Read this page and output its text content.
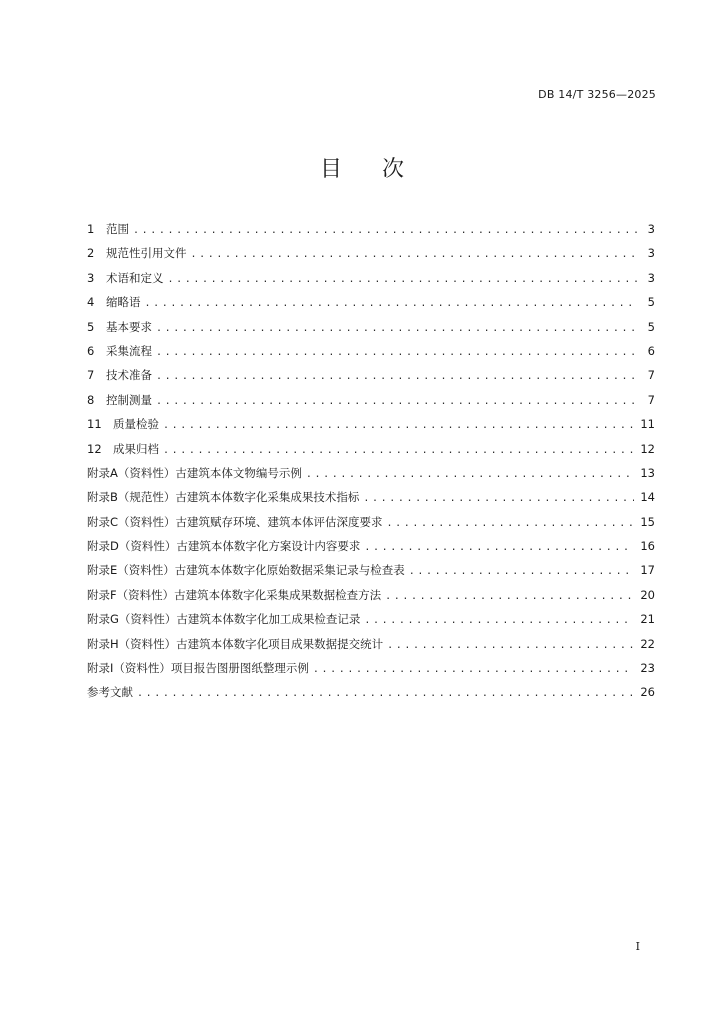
DB 14/T 3256—2025
目次
1	范围 .....	3
2	规范性引用文件 .....	3
3	术语和定义 .....	3
4	缩略语 .....	5
5	基本要求 .....	5
6	采集流程 .....	6
7	技术准备 .....	7
8	控制测量 .....	7
11 质量检验 .....	11
12 成果归档 .....	12
附录A（资料性）古建筑本体文物编号示例 .....	13
附录B（规范性）古建筑本体数字化采集成果技术指标 .....	14
附录C（资料性）古建筑赋存环境、建筑本体评估深度要求 .....	15
附录D（资料性）古建筑本体数字化方案设计内容要求 .....	16
附录E（资料性）古建筑本体数字化原始数据采集记录与检查表 .....	17
附录F（资料性）古建筑本体数字化采集成果数据检查方法 .....	20
附录G（资料性）古建筑本体数字化加工成果检查记录 .....	21
附录H（资料性）古建筑本体数字化项目成果数据提交统计 .....	22
附录I（资料性）项目报告图册图纸整理示例 .....	23
参考文献 .....	26
I
